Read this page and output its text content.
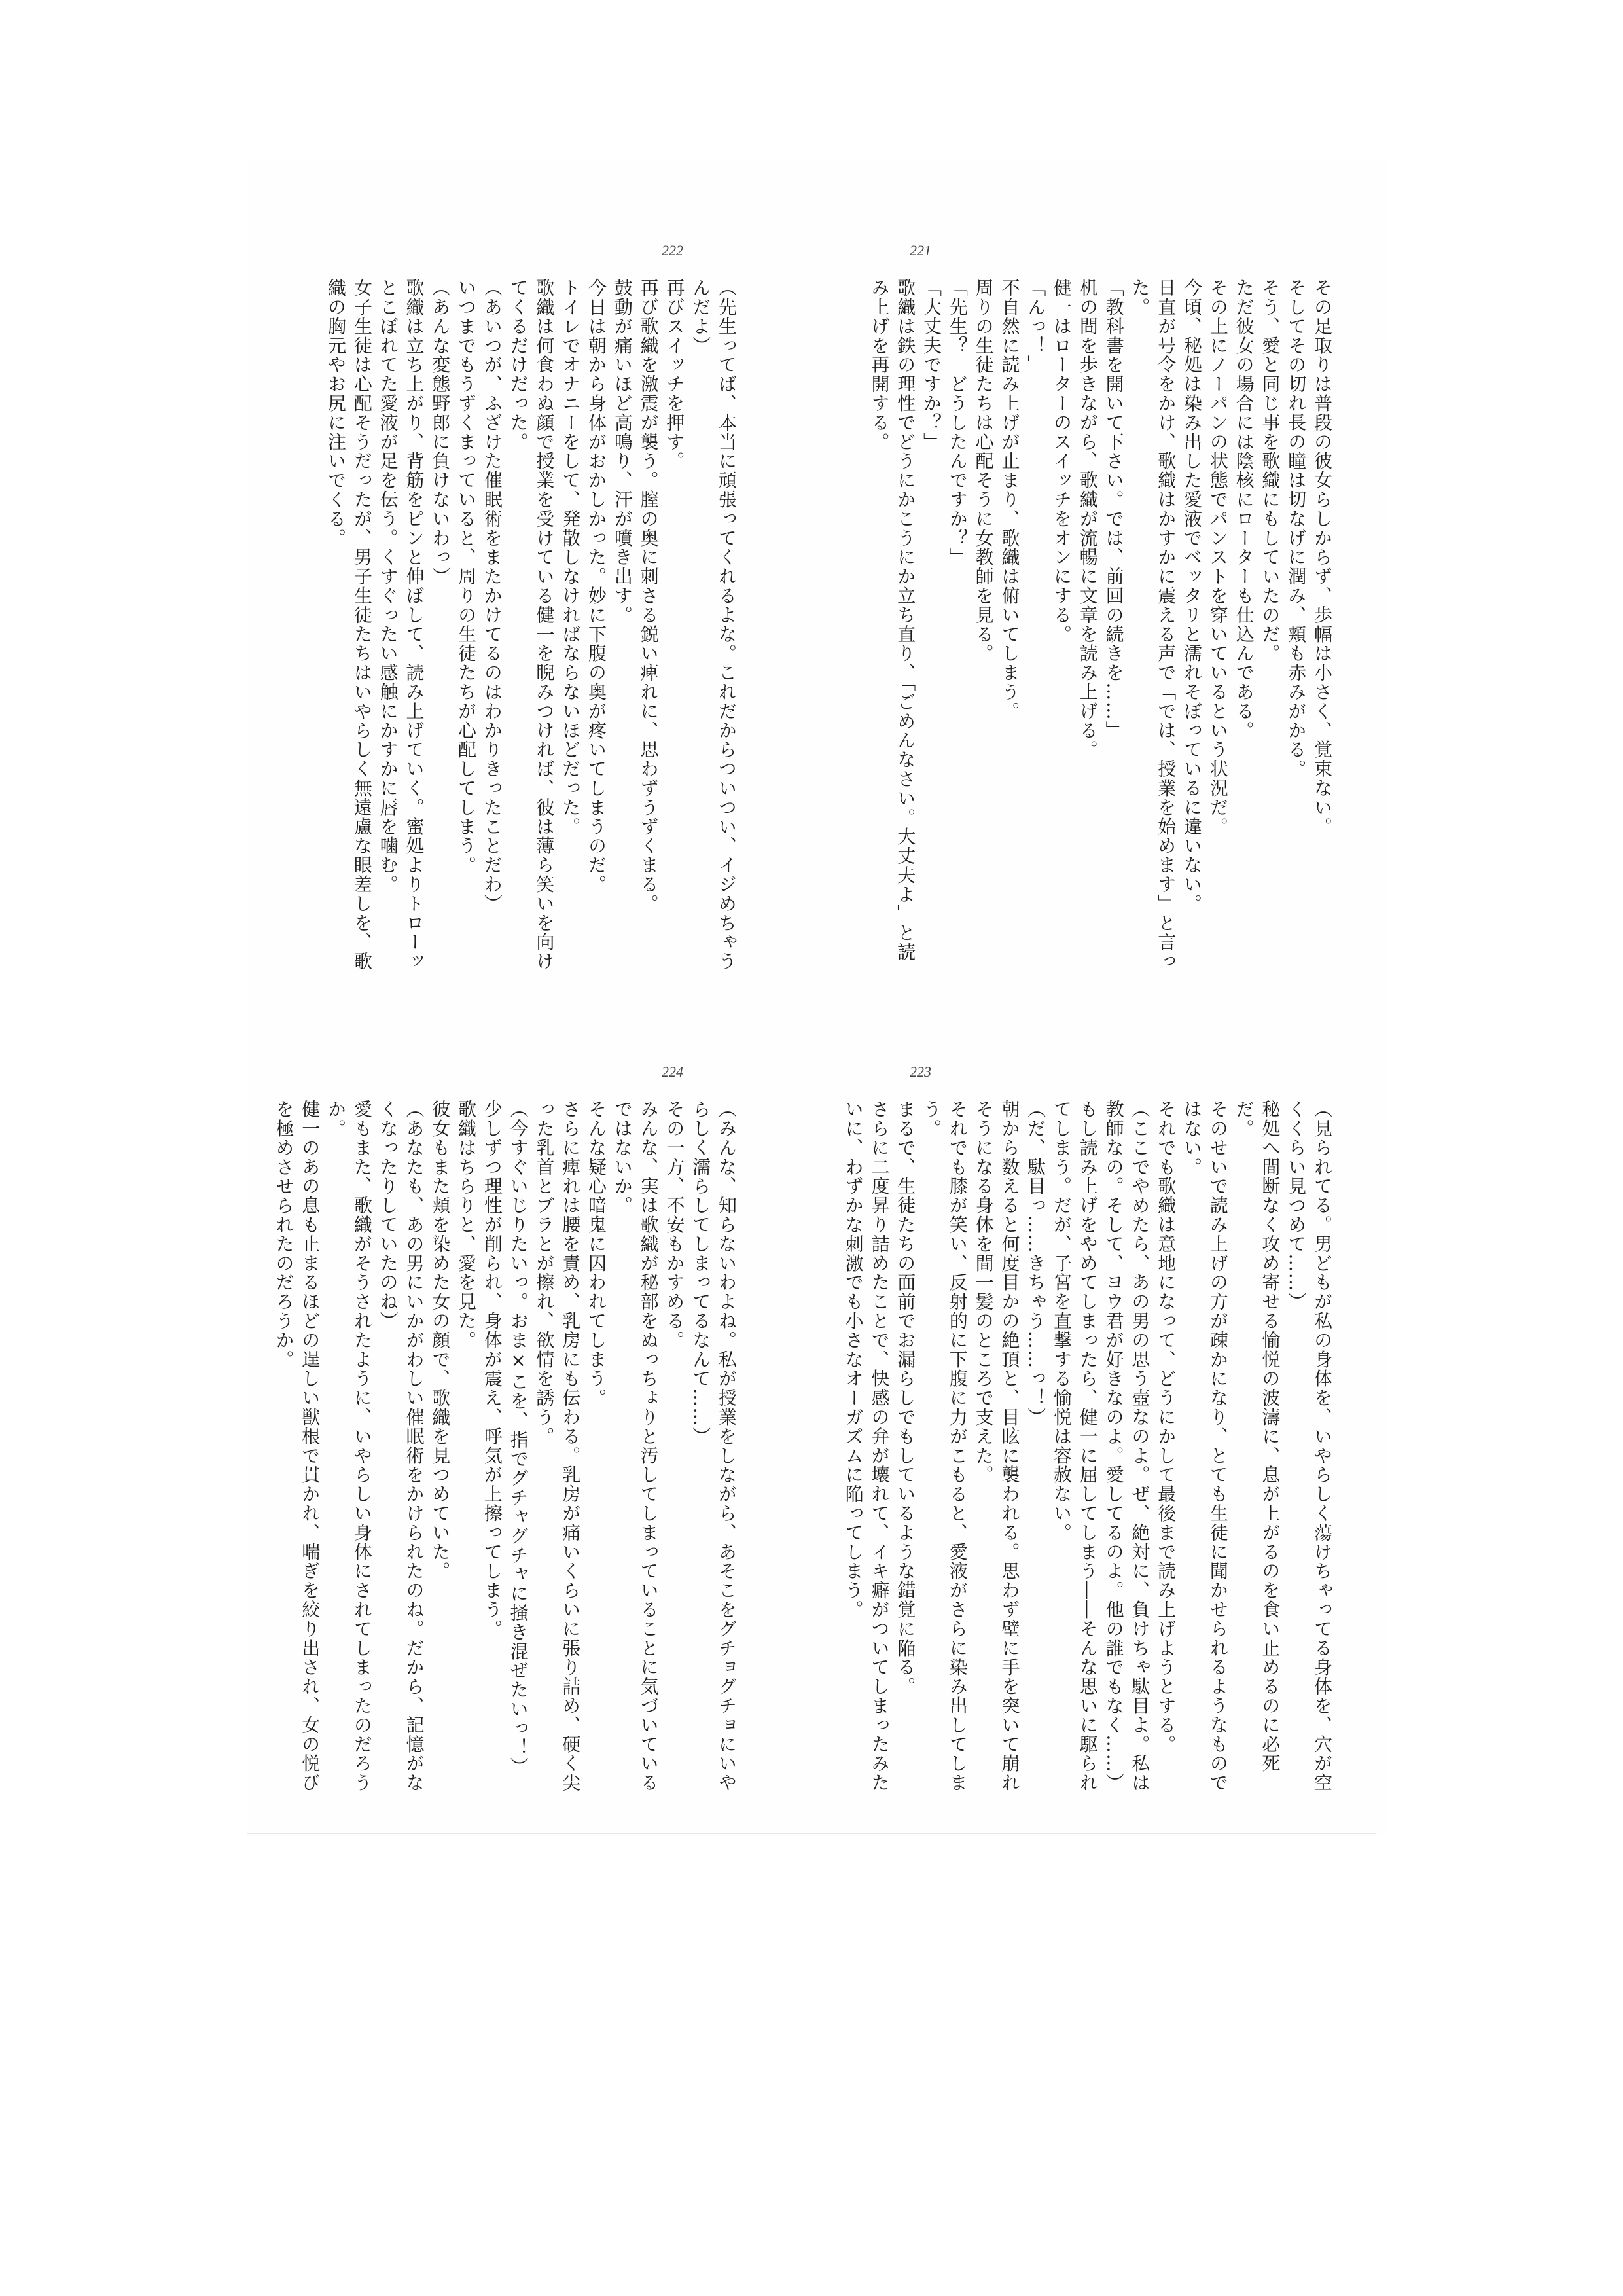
222

（先生ってば、本当に頑張ってくれるよな。これだからついつい、イジめちゃうんだよ）

再びスイッチを押す。

再び歌織を激震が襲う。膣の奥に刺さる鋭い痺れに、思わずうずくまる。

鼓動が痛いほど高鳴り、汗が噴き出す。

今日は朝から身体がおかしかった。妙に下腹の奥が疼いてしまうのだ。

トイレでオナニーをして、発散しなければならないほどだった。

歌織は何食わぬ顔で授業を受けている健一を睨みつければ、彼は薄ら笑いを向けてくるだけだった。

（あいつが、ふざけた催眠術をまたかけてるのはわかりきったことだわ）

いつまでもうずくまっていると、周りの生徒たちが心配してしまう。

（あんな変態野郎に負けないわっ）

歌織は立ち上がり、背筋をピンと伸ばして、読み上げていく。蜜処よりトローッとこぼれてた愛液が足を伝う。くすぐったい感触にかすかに唇を噛む。

女子生徒は心配そうだったが、男子生徒たちはいやらしく無遠慮な眼差しを、歌織の胸元やお尻に注いでくる。

221

その足取りは普段の彼女らしからず、歩幅は小さく、覚束ない。

そしてその切れ長の瞳は切なげに潤み、頬も赤みがかる。

そう、愛と同じ事を歌織にもしていたのだ。

ただ彼女の場合には陰核にローターも仕込んである。

その上にノーパンの状態でパンストを穿いているという状況だ。

今頃、秘処は染み出した愛液でベッタリと濡れそぼっているに違いない。

日直が号令をかけ、歌織はかすかに震える声で「では、授業を始めます」と言った。

「教科書を開いて下さい。では、前回の続きを……」

机の間を歩きながら、歌織が流暢に文章を読み上げる。

健一はローターのスイッチをオンにする。

「んっ！」

不自然に読み上げが止まり、歌織は俯いてしまう。

周りの生徒たちは心配そうに女教師を見る。

「先生？　どうしたんですか？」

「大丈夫ですか？」

歌織は鉄の理性でどうにかこうにか立ち直り、「ごめんなさい。大丈夫よ」と読み上げを再開する。

224

（みんな、知らないわよね。私が授業をしながら、あそこをグチョグチョにいやらしく濡らしてしまってるなんて……）

その一方、不安もかすめる。

みんな、実は歌織が秘部をぬっちょりと汚してしまっていることに気づいているではないか。

そんな疑心暗鬼に囚われてしまう。

さらに痺れは腰を責め、乳房にも伝わる。乳房が痛いくらいに張り詰め、硬く尖った乳首とブラとが擦れ、欲情を誘う。

（今すぐいじりたいっ。おま×こを、指でグチャグチャに掻き混ぜたいっ！）

少しずつ理性が削られ、身体が震え、呼気が上擦ってしまう。

歌織はちらりと、愛を見た。

彼女もまた頬を染めた女の顔で、歌織を見つめていた。

（あなたも、あの男にいかがわしい催眠術をかけられたのね。だから、記憶がなくなったりしていたのね）

愛もまた、歌織がそうされたように、いやらしい身体にされてしまったのだろうか。

健一のあの息も止まるほどの逞しい獣根で貫かれ、喘ぎを絞り出され、女の悦びを極めさせられたのだろうか。

223

（見られてる。男どもが私の身体を、いやらしく蕩けちゃってる身体を、穴が空くくらい見つめて……）

秘処へ間断なく攻め寄せる愉悦の波濤に、息が上がるのを食い止めるのに必死だ。

そのせいで読み上げの方が疎かになり、とても生徒に聞かせられるようなものではない。

それでも歌織は意地になって、どうにかして最後まで読み上げようとする。

（ここでやめたら、あの男の思う壺なのよ。ぜ、絶対に、負けちゃ駄目よ。私は教師なの。そして、ヨウ君が好きなのよ。愛してるのよ。他の誰でもなく……）

もし読み上げをやめてしまったら、健一に屈してしまう――そんな思いに駆られてしまう。だが、子宮を直撃する愉悦は容赦ない。

（だ、駄目っ……きちゃう……っ！）

朝から数えると何度目かの絶頂と、目眩に襲われる。思わず壁に手を突いて崩れそうになる身体を間一髪のところで支えた。

それでも膝が笑い、反射的に下腹に力がこもると、愛液がさらに染み出してしまう。

まるで、生徒たちの面前でお漏らしでもしているような錯覚に陥る。

さらに二度昇り詰めたことで、快感の弁が壊れて、イキ癖がついてしまったみたいに、わずかな刺激でも小さなオーガズムに陥ってしまう。
